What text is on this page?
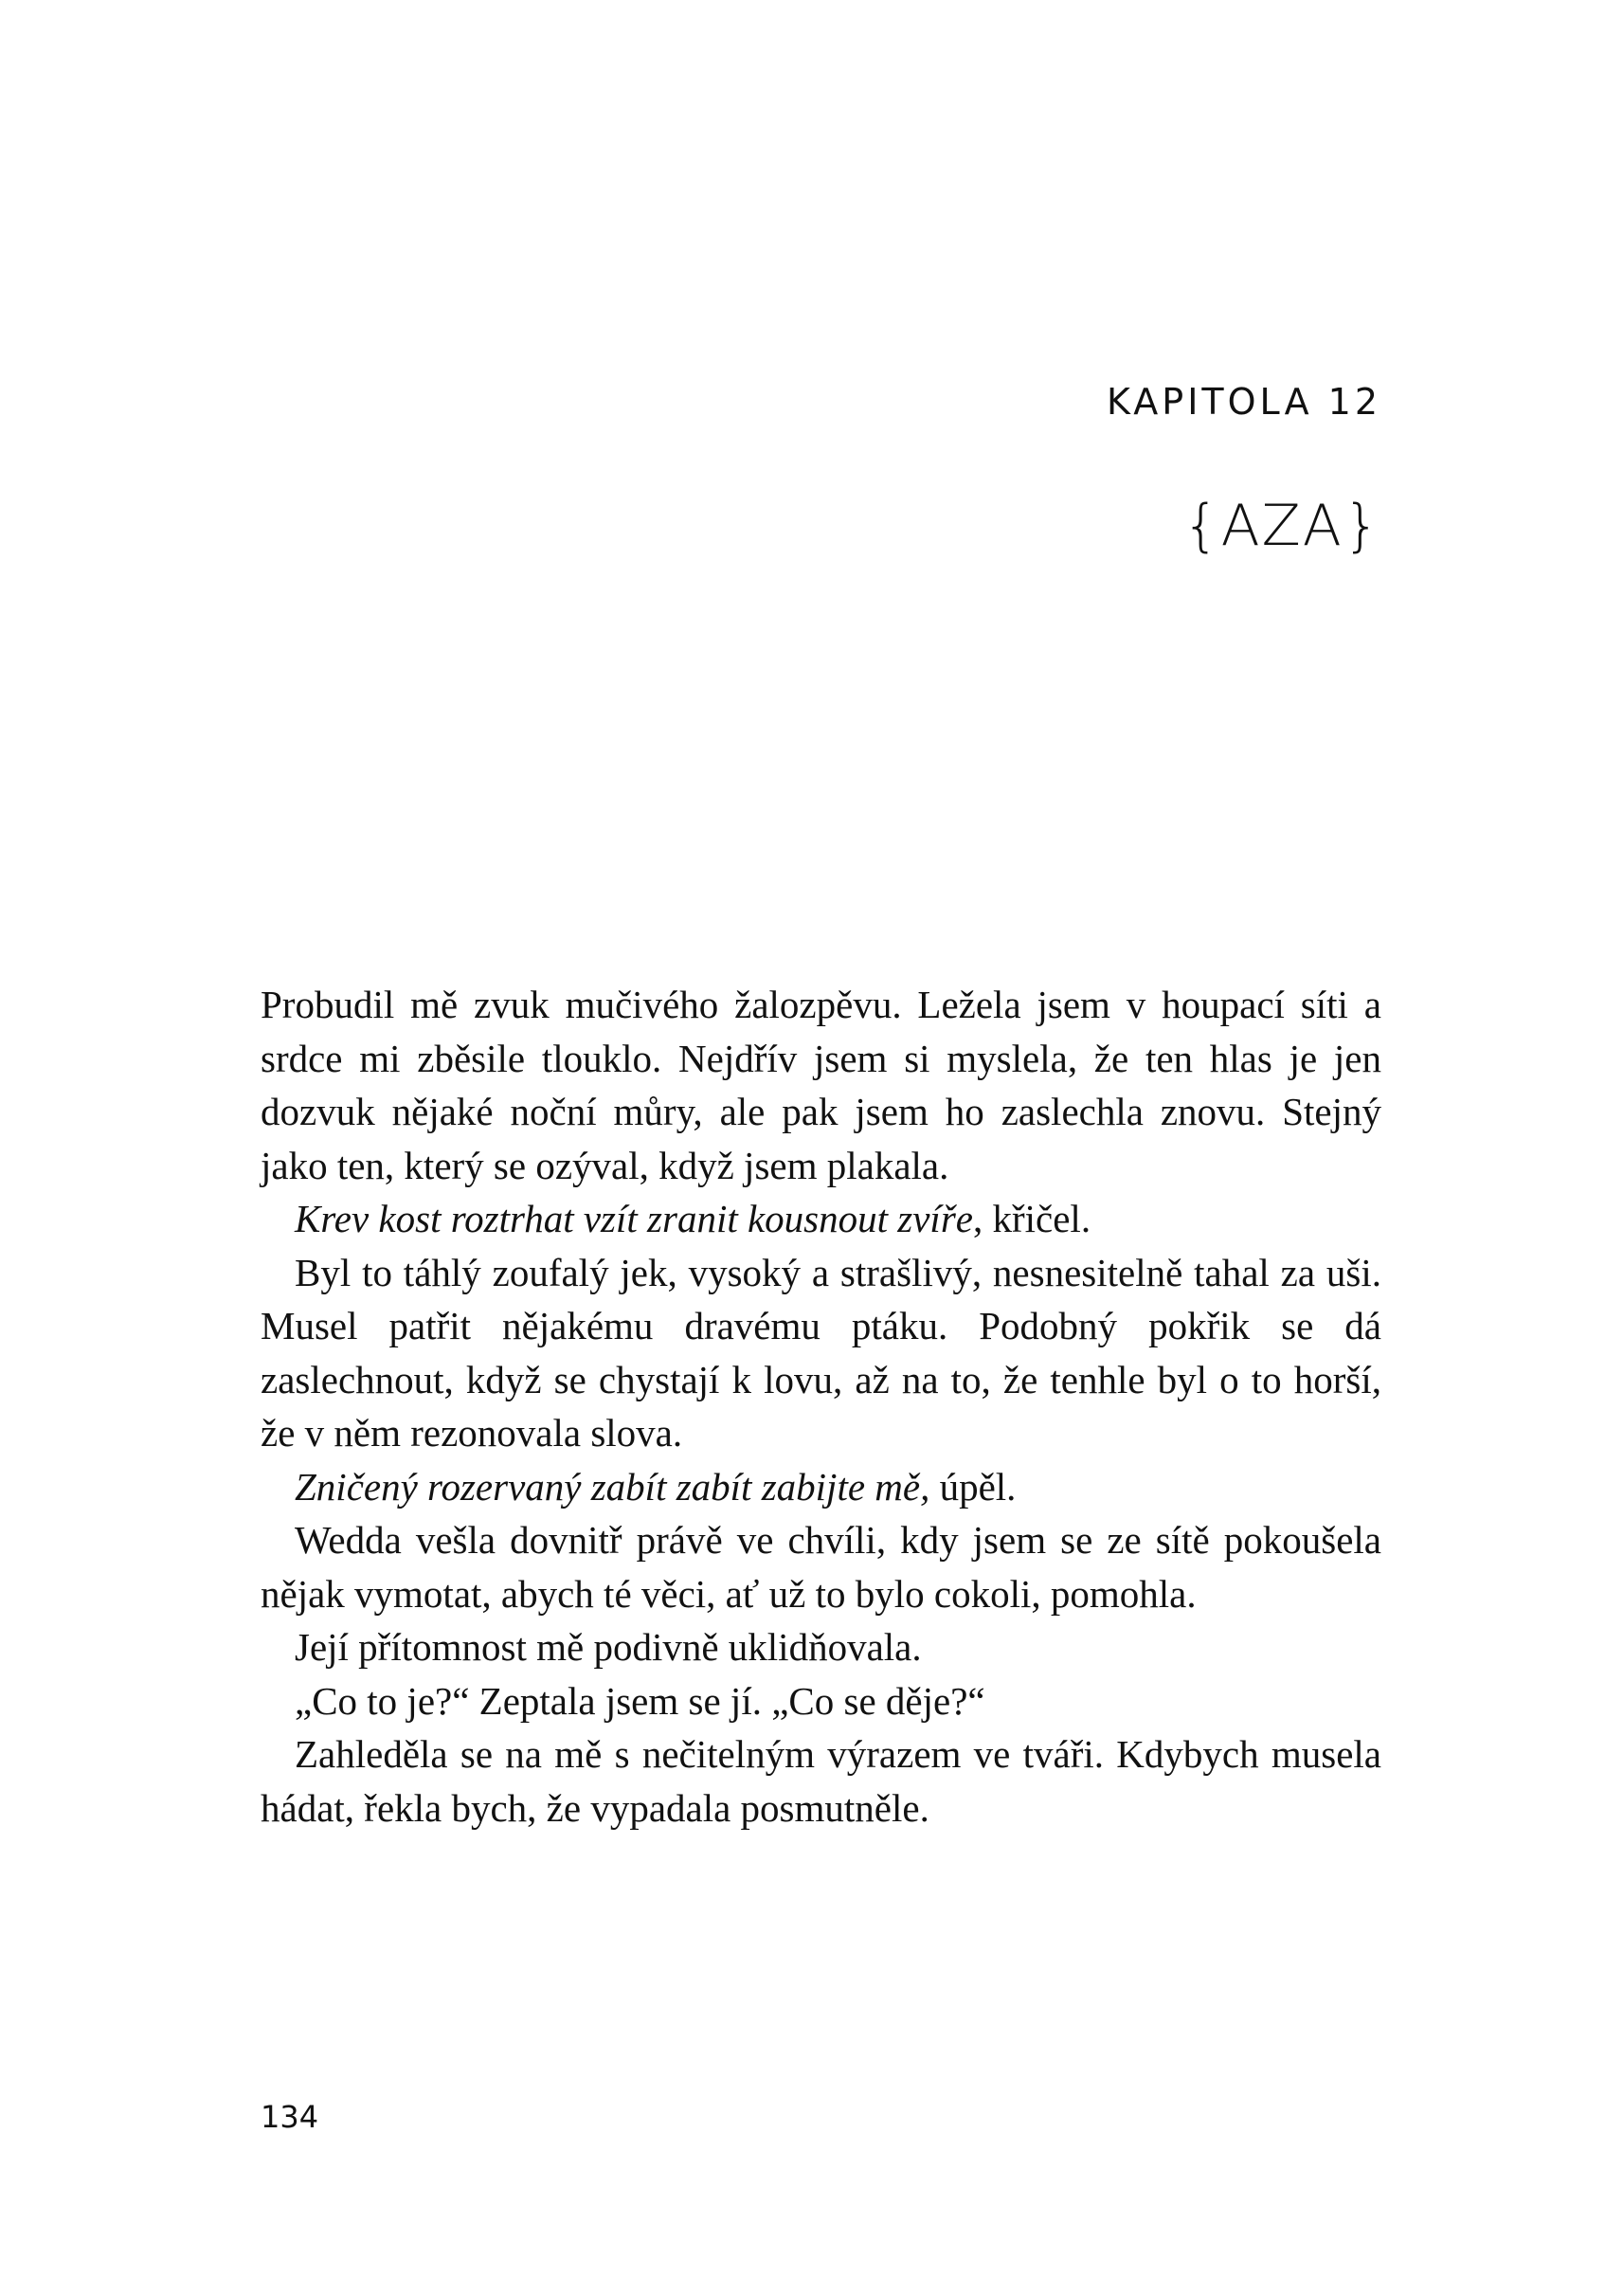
KAPITOLA 12
{AZA}

Probudil mě zvuk mučivého žalozpěvu. Ležela jsem v houpací síti a srdce mi zběsile tlouklo. Nejdřív jsem si myslela, že ten hlas je jen dozvuk nějaké noční můry, ale pak jsem ho zaslechla znovu. Stejný jako ten, který se ozýval, když jsem plakala.

Krev kost roztrhat vzít zranit kousnout zvíře, křičel.

Byl to táhlý zoufalý jek, vysoký a strašlivý, nesnesitelně tahal za uši. Musel patřit nějakému dravému ptáku. Podobný pokřik se dá zaslechnout, když se chystají k lovu, až na to, že tenhle byl o to horší, že v něm rezonovala slova.

Zničený rozervaný zabít zabít zabijte mě, úpěl.

Wedda vešla dovnitř právě ve chvíli, kdy jsem se ze sítě pokoušela nějak vymotat, abych té věci, ať už to bylo cokoli, pomohla.

Její přítomnost mě podivně uklidňovala.

„Co to je?“ Zeptala jsem se jí. „Co se děje?“

Zahleděla se na mě s nečitelným výrazem ve tváři. Kdybych musela hádat, řekla bych, že vypadala posmutněle.

134
